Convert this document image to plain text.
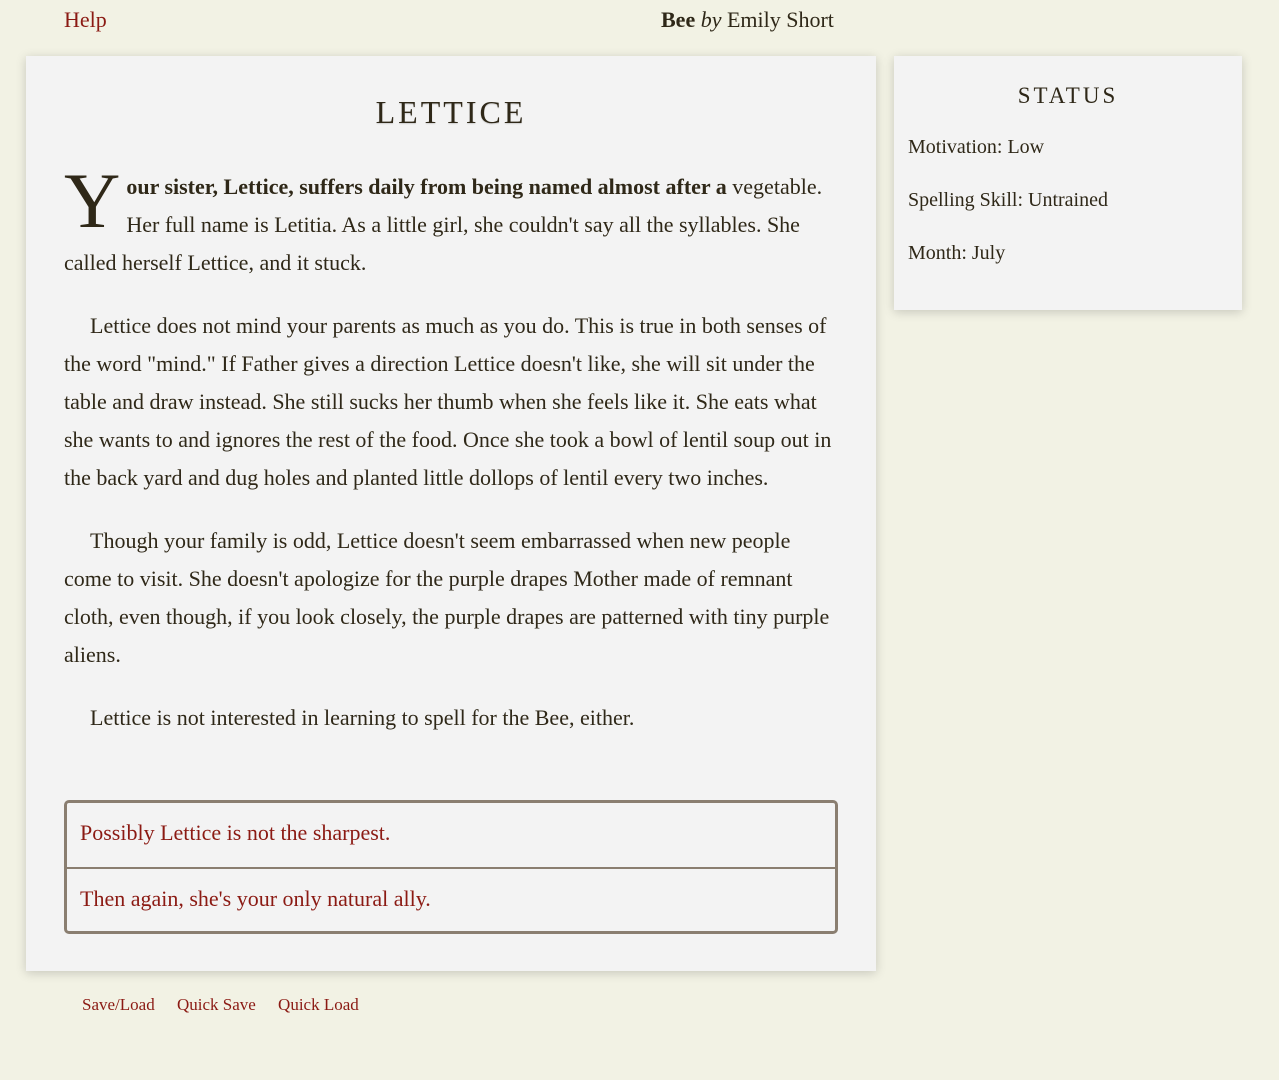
Help	Bee by Emily Short
LETTICE

Your sister, Lettice, suffers daily from being named almost after a vegetable. Her full name is Letitia. As a little girl, she couldn't say all the syllables. She called herself Lettice, and it stuck.

Lettice does not mind your parents as much as you do. This is true in both senses of the word "mind." If Father gives a direction Lettice doesn't like, she will sit under the table and draw instead. She still sucks her thumb when she feels like it. She eats what she wants to and ignores the rest of the food. Once she took a bowl of lentil soup out in the back yard and dug holes and planted little dollops of lentil every two inches.

Though your family is odd, Lettice doesn't seem embarrassed when new people come to visit. She doesn't apologize for the purple drapes Mother made of remnant cloth, even though, if you look closely, the purple drapes are patterned with tiny purple aliens.

Lettice is not interested in learning to spell for the Bee, either.

Possibly Lettice is not the sharpest.
Then again, she's your only natural ally.
STATUS
Motivation: Low
Spelling Skill: Untrained
Month: July
Save/Load Quick Save Quick Load
